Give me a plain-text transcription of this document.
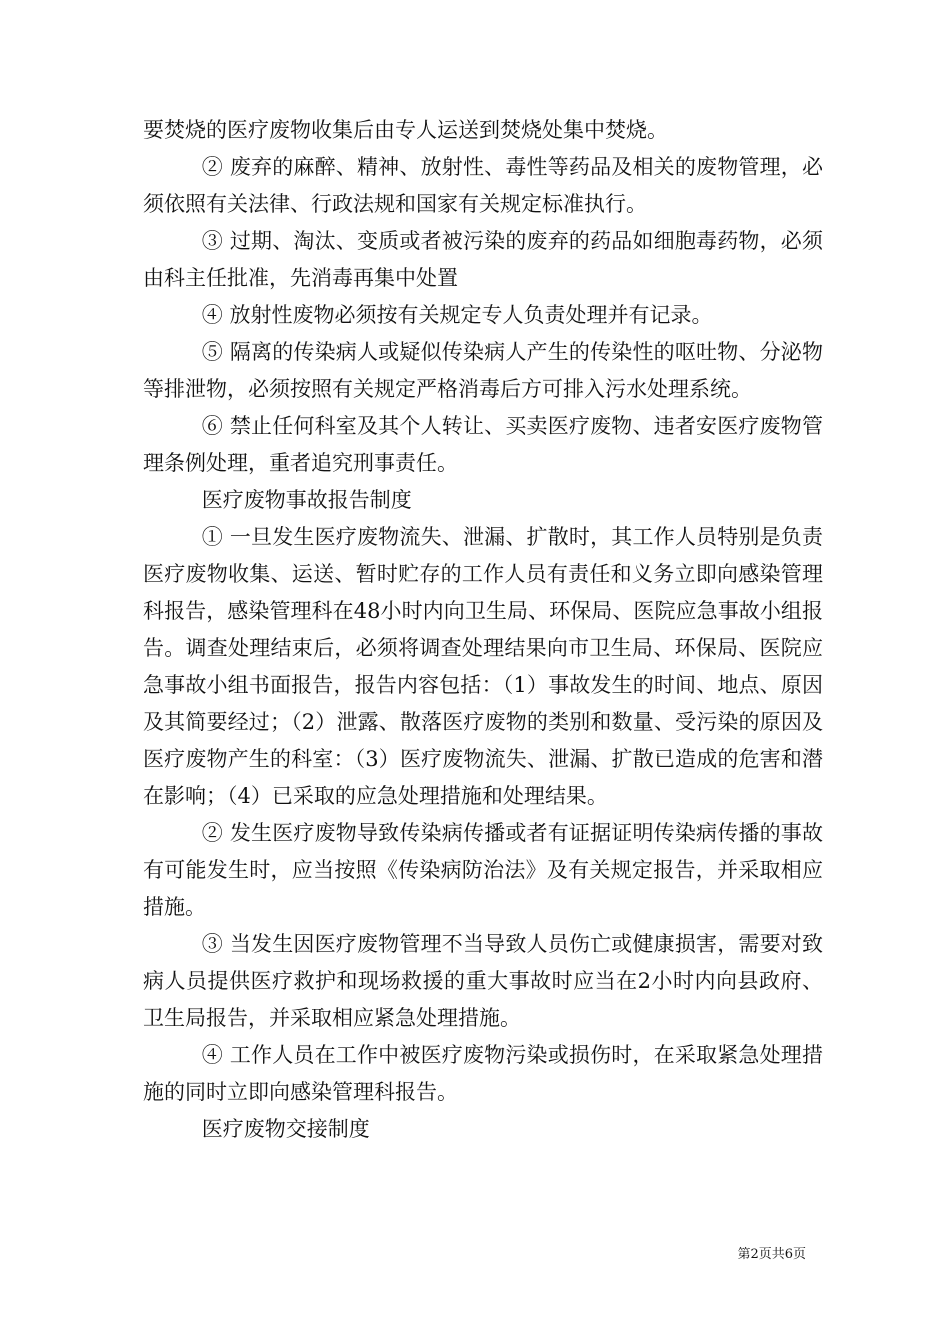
要焚烧的医疗废物收集后由专人运送到焚烧处集中焚烧。

② 废弃的麻醉、精神、放射性、毒性等药品及相关的废物管理，必须依照有关法律、行政法规和国家有关规定标准执行。

③ 过期、淘汰、变质或者被污染的废弃的药品如细胞毒药物，必须由科主任批准，先消毒再集中处置

④ 放射性废物必须按有关规定专人负责处理并有记录。

⑤ 隔离的传染病人或疑似传染病人产生的传染性的呕吐物、分泌物等排泄物，必须按照有关规定严格消毒后方可排入污水处理系统。

⑥ 禁止任何科室及其个人转让、买卖医疗废物、违者安医疗废物管理条例处理，重者追究刑事责任。

医疗废物事故报告制度

① 一旦发生医疗废物流失、泄漏、扩散时，其工作人员特别是负责医疗废物收集、运送、暂时贮存的工作人员有责任和义务立即向感染管理科报告，感染管理科在48小时内向卫生局、环保局、医院应急事故小组报告。调查处理结束后，必须将调查处理结果向市卫生局、环保局、医院应急事故小组书面报告，报告内容包括：（1）事故发生的时间、地点、原因及其简要经过；（2）泄露、散落医疗废物的类别和数量、受污染的原因及医疗废物产生的科室：（3）医疗废物流失、泄漏、扩散已造成的危害和潜在影响；（4）已采取的应急处理措施和处理结果。

② 发生医疗废物导致传染病传播或者有证据证明传染病传播的事故有可能发生时，应当按照《传染病防治法》及有关规定报告，并采取相应措施。

③ 当发生因医疗废物管理不当导致人员伤亡或健康损害，需要对致病人员提供医疗救护和现场救援的重大事故时应当在2小时内向县政府、卫生局报告，并采取相应紧急处理措施。

④ 工作人员在工作中被医疗废物污染或损伤时，在采取紧急处理措施的同时立即向感染管理科报告。

医疗废物交接制度

第2页共6页
